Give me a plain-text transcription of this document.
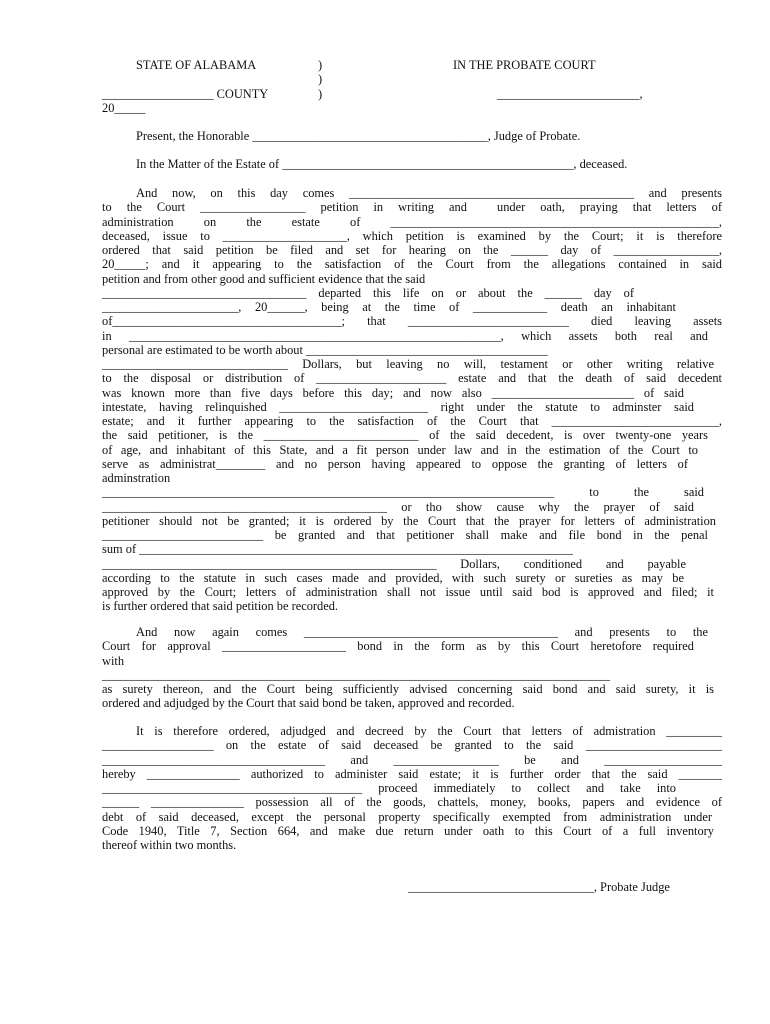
STATE OF ALABAMA	)	IN THE PROBATE COURT
)
__________________ COUNTY	)	_______________________,
20_____
Present, the Honorable ______________________________________, Judge of Probate.
In the Matter of the Estate of _______________________________________________, deceased.
And now, on this day comes ______________________________________________ and presents
to the Court _________________ petition in writing and  under oath, praying that letters of
administration on the estate of _____________________________________________________,
deceased, issue to ____________________, which petition is examined by the Court; it is therefore
ordered that said petition be filed and set for hearing on the ______ day of _________________,
20_____; and it appearing to the satisfaction of the Court from the allegations contained in said
petition and from other good and sufficient evidence that the said
_________________________________ departed this life on or about the ______ day of
______________________, 20______, being at the time of ____________ death an inhabitant
of_____________________________________; that __________________________ died leaving assets
in ____________________________________________________________, which assets both real and
personal are estimated to be worth about _______________________________________
______________________________ Dollars, but leaving no will, testament or other writing relative
to the disposal or distribution of _____________________ estate and that the death of said decedent
was known more than five days before this day; and now also _______________________ of said
intestate, having relinquished ________________________ right under the statute to adminster said
estate; and it further appearing to the satisfaction of the Court that ___________________________,
the said petitioner, is the _________________________ of the said decedent, is over twenty-one years
of age, and inhabitant of this State, and a fit person under law and in the estimation of the Court to
serve as administrat________ and no person having appeared to oppose the granting of letters of
adminstration
_________________________________________________________________________ to the said
______________________________________________ or tho show cause why the prayer of said
petitioner should not be granted; it is ordered by the Court that the prayer for letters of administration
__________________________ be granted and that petitioner shall make and file bond in the penal
sum of ______________________________________________________________________
______________________________________________________ Dollars, conditioned and payable
according to the statute in such cases made and provided, with such surety or sureties as may be
approved by the Court; letters of administration shall not issue until said bod is approved and filed; it
is further ordered that said petition be recorded.
And now again comes _________________________________________ and presents to the
Court for approval ____________________ bond in the form as by this Court heretofore required
with
__________________________________________________________________________________
as surety thereon, and the Court being sufficiently advised concerning said bond and said surety, it is
ordered and adjudged by the Court that said bond be taken, approved and recorded.
It is therefore ordered, adjudged and decreed by the Court that letters of admistration _________
__________________ on the estate of said deceased be granted to the said ______________________
____________________________________ and _________________ be and ___________________
hereby _______________ authorized to administer said estate; it is further order that the said _______
__________________________________________ proceed immediately to collect and take into
______ _______________ possession all of the goods, chattels, money, books, papers and evidence of
debt of said deceased, except the personal property specifically exempted from administration under
Code 1940, Title 7, Section 664, and make due return under oath to this Court of a full inventory
thereof within two months.
______________________________, Probate Judge
